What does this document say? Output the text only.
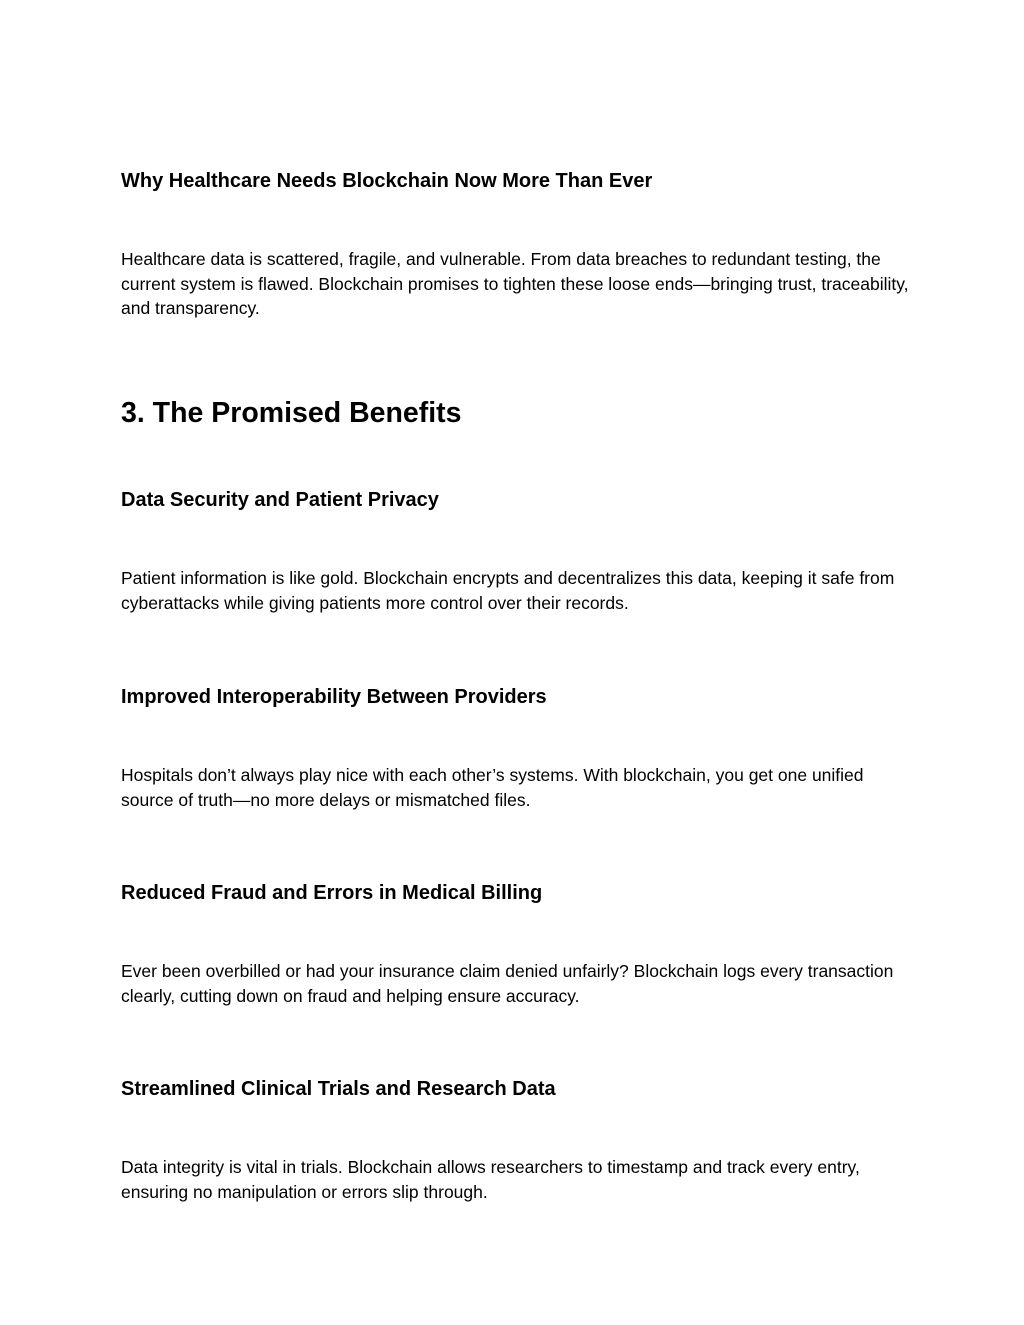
Why Healthcare Needs Blockchain Now More Than Ever

Healthcare data is scattered, fragile, and vulnerable. From data breaches to redundant testing, the current system is flawed. Blockchain promises to tighten these loose ends—bringing trust, traceability, and transparency.

3. The Promised Benefits
Data Security and Patient Privacy

Patient information is like gold. Blockchain encrypts and decentralizes this data, keeping it safe from cyberattacks while giving patients more control over their records.

Improved Interoperability Between Providers

Hospitals don’t always play nice with each other’s systems. With blockchain, you get one unified source of truth—no more delays or mismatched files.

Reduced Fraud and Errors in Medical Billing

Ever been overbilled or had your insurance claim denied unfairly? Blockchain logs every transaction clearly, cutting down on fraud and helping ensure accuracy.

Streamlined Clinical Trials and Research Data

Data integrity is vital in trials. Blockchain allows researchers to timestamp and track every entry, ensuring no manipulation or errors slip through.
